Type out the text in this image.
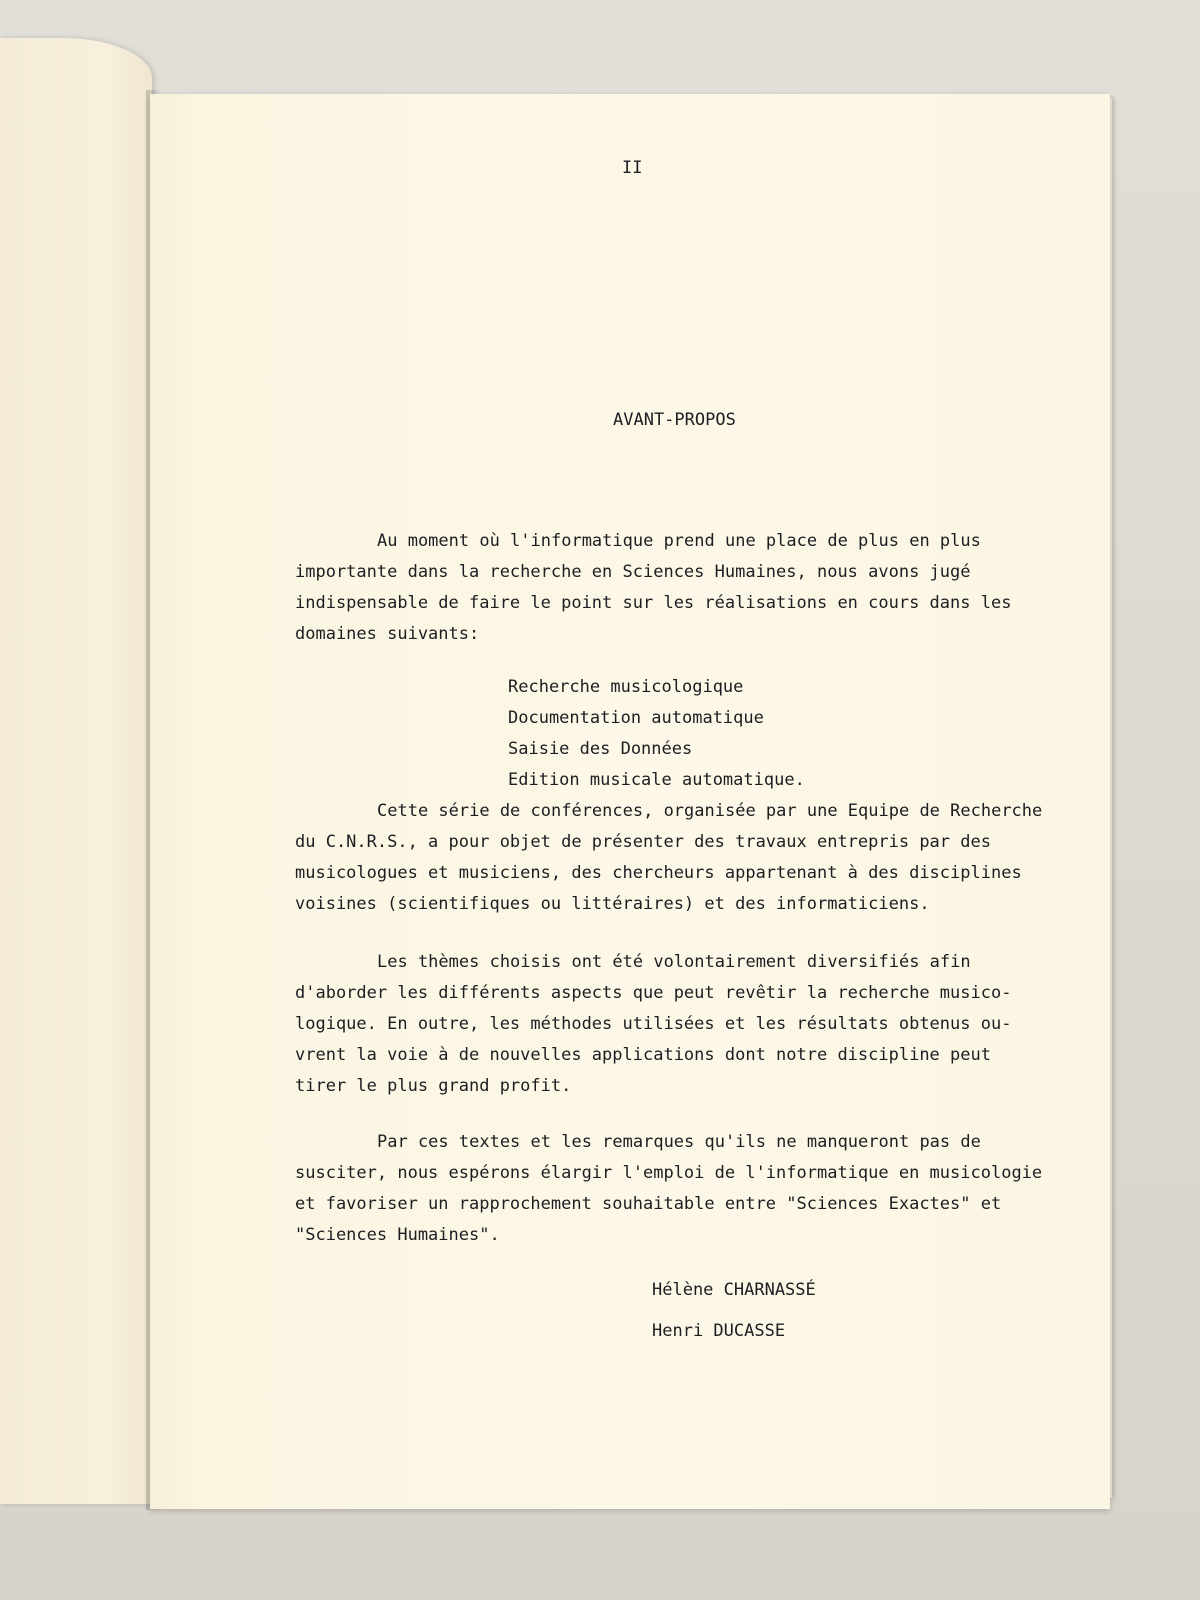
II
AVANT-PROPOS
Au moment où l'informatique prend une place de plus en plus
importante dans la recherche en Sciences Humaines, nous avons jugé
indispensable de faire le point sur les réalisations en cours dans les
domaines suivants:
Recherche musicologique
Documentation automatique
Saisie des Données
Edition musicale automatique.
Cette série de conférences, organisée par une Equipe de Recherche
du C.N.R.S., a pour objet de présenter des travaux entrepris par des
musicologues et musiciens, des chercheurs appartenant à des disciplines
voisines (scientifiques ou littéraires) et des informaticiens.
Les thèmes choisis ont été volontairement diversifiés afin
d'aborder les différents aspects que peut revêtir la recherche musico-
logique. En outre, les méthodes utilisées et les résultats obtenus ou-
vrent la voie à de nouvelles applications dont notre discipline peut
tirer le plus grand profit.
Par ces textes et les remarques qu'ils ne manqueront pas de
susciter, nous espérons élargir l'emploi de l'informatique en musicologie
et favoriser un rapprochement souhaitable entre "Sciences Exactes" et
"Sciences Humaines".
Hélène CHARNASSÉ
Henri DUCASSE
